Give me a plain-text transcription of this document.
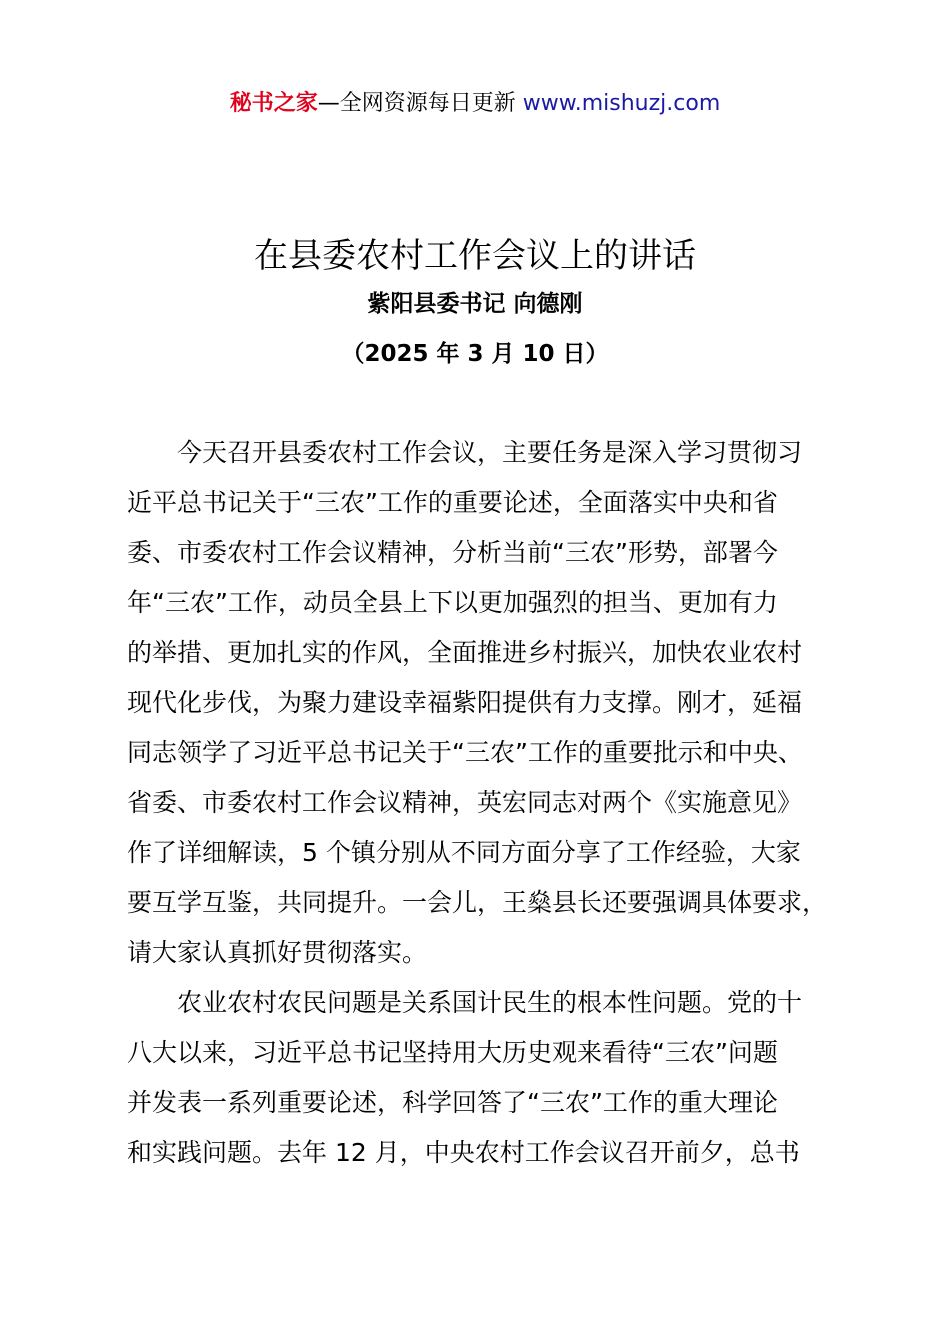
秘书之家—全网资源每日更新 www.mishuzj.com
在县委农村工作会议上的讲话
紫阳县委书记 向德刚
（2025 年 3 月 10 日）
今天召开县委农村工作会议，主要任务是深入学习贯彻习
近平总书记关于“三农”工作的重要论述，全面落实中央和省
委、市委农村工作会议精神，分析当前“三农”形势，部署今
年“三农”工作，动员全县上下以更加强烈的担当、更加有力
的举措、更加扎实的作风，全面推进乡村振兴，加快农业农村
现代化步伐，为聚力建设幸福紫阳提供有力支撑。刚才，延福
同志领学了习近平总书记关于“三农”工作的重要批示和中央、
省委、市委农村工作会议精神，英宏同志对两个《实施意见》
作了详细解读，5 个镇分别从不同方面分享了工作经验，大家
要互学互鉴，共同提升。一会儿，王燊县长还要强调具体要求，
请大家认真抓好贯彻落实。
农业农村农民问题是关系国计民生的根本性问题。党的十
八大以来，习近平总书记坚持用大历史观来看待“三农”问题
并发表一系列重要论述，科学回答了“三农”工作的重大理论
和实践问题。去年 12 月，中央农村工作会议召开前夕，总书
